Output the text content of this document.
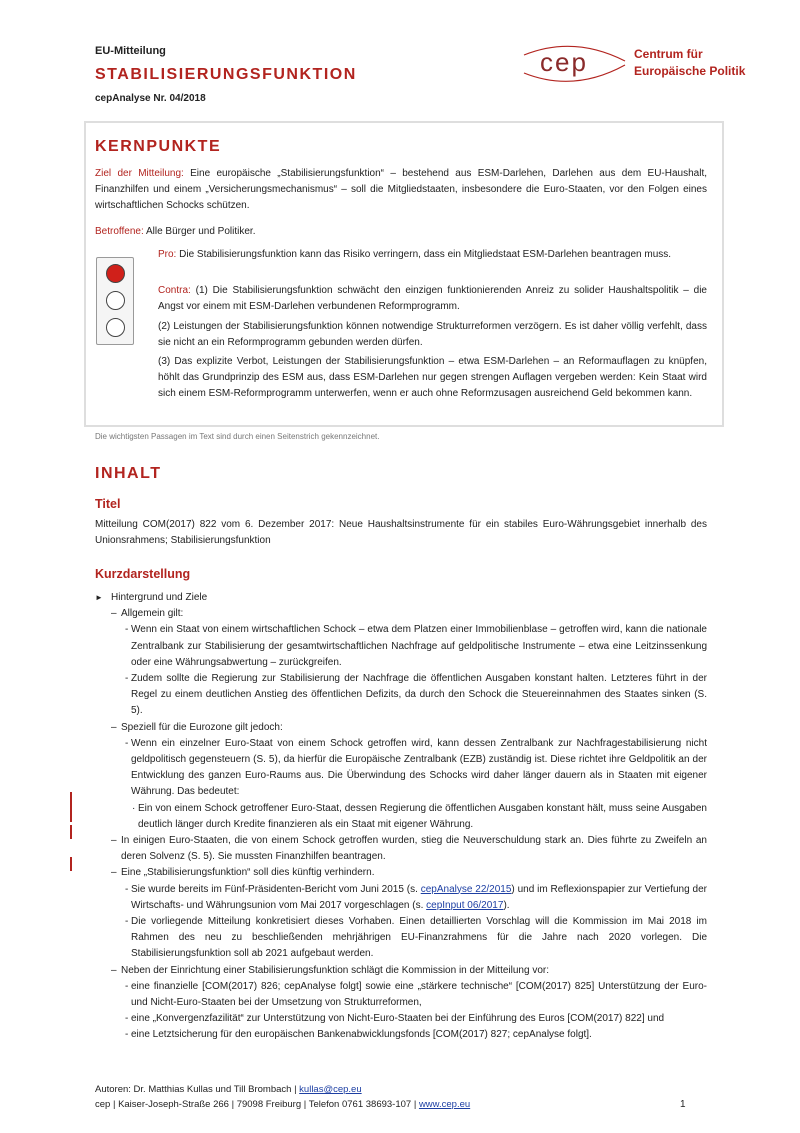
EU-Mitteilung
STABILISIERUNGSFUNKTION
cepAnalyse Nr. 04/2018
cep	Centrum für
Europäische Politik
KERNPUNKTE
Ziel der Mitteilung: Eine europäische „Stabilisierungsfunktion“ – bestehend aus ESM-Darlehen, Darlehen aus dem EU-Haushalt, Finanzhilfen und einem „Versicherungsmechanismus“ – soll die Mitgliedstaaten, insbesondere die Euro-Staaten, vor den Folgen eines wirtschaftlichen Schocks schützen.
Betroffene: Alle Bürger und Politiker.
Pro: Die Stabilisierungsfunktion kann das Risiko verringern, dass ein Mitgliedstaat ESM-Darlehen beantragen muss.
Contra: (1) Die Stabilisierungsfunktion schwächt den einzigen funktionierenden Anreiz zu solider Haushaltspolitik – die Angst vor einem mit ESM-Darlehen verbundenen Reformprogramm.
(2) Leistungen der Stabilisierungsfunktion können notwendige Strukturreformen verzögern. Es ist daher völlig verfehlt, dass sie nicht an ein Reformprogramm gebunden werden dürfen.
(3) Das explizite Verbot, Leistungen der Stabilisierungsfunktion – etwa ESM-Darlehen – an Reformauflagen zu knüpfen, höhlt das Grundprinzip des ESM aus, dass ESM-Darlehen nur gegen strengen Auflagen vergeben werden: Kein Staat wird sich einem ESM-Reformprogramm unterwerfen, wenn er auch ohne Reformzusagen ausreichend Geld bekommen kann.
Die wichtigsten Passagen im Text sind durch einen Seitenstrich gekennzeichnet.
INHALT
Titel
Mitteilung COM(2017) 822 vom 6. Dezember 2017: Neue Haushaltsinstrumente für ein stabiles Euro-Währungsgebiet innerhalb des Unionsrahmens; Stabilisierungsfunktion
Kurzdarstellung
► Hintergrund und Ziele
– Allgemein gilt:
- Wenn ein Staat von einem wirtschaftlichen Schock – etwa dem Platzen einer Immobilienblase – getroffen wird, kann die nationale Zentralbank zur Stabilisierung der gesamtwirtschaftlichen Nachfrage auf geldpolitische Instrumente – etwa eine Leitzinssenkung oder eine Währungsabwertung – zurückgreifen.
- Zudem sollte die Regierung zur Stabilisierung der Nachfrage die öffentlichen Ausgaben konstant halten. Letzteres führt in der Regel zu einem deutlichen Anstieg des öffentlichen Defizits, da durch den Schock die Steuereinnahmen des Staates sinken (S. 5).
– Speziell für die Eurozone gilt jedoch:
- Wenn ein einzelner Euro-Staat von einem Schock getroffen wird, kann dessen Zentralbank zur Nachfragestabilisierung nicht geldpolitisch gegensteuern (S. 5), da hierfür die Europäische Zentralbank (EZB) zuständig ist. Diese richtet ihre Geldpolitik an der Entwicklung des ganzen Euro-Raums aus. Die Überwindung des Schocks wird daher länger dauern als in Staaten mit eigener Währung. Das bedeutet:
· Ein von einem Schock getroffener Euro-Staat, dessen Regierung die öffentlichen Ausgaben konstant hält, muss seine Ausgaben deutlich länger durch Kredite finanzieren als ein Staat mit eigener Währung.
– In einigen Euro-Staaten, die von einem Schock getroffen wurden, stieg die Neuverschuldung stark an. Dies führte zu Zweifeln an deren Solvenz (S. 5). Sie mussten Finanzhilfen beantragen.
– Eine „Stabilisierungsfunktion“ soll dies künftig verhindern.
- Sie wurde bereits im Fünf-Präsidenten-Bericht vom Juni 2015 (s. cepAnalyse 22/2015) und im Reflexionspapier zur Vertiefung der Wirtschafts- und Währungsunion vom Mai 2017 vorgeschlagen (s. cepInput 06/2017).
- Die vorliegende Mitteilung konkretisiert dieses Vorhaben. Einen detaillierten Vorschlag will die Kommission im Mai 2018 im Rahmen des neu zu beschließenden mehrjährigen EU-Finanzrahmens für die Jahre nach 2020 vorlegen. Die Stabilisierungsfunktion soll ab 2021 aufgebaut werden.
– Neben der Einrichtung einer Stabilisierungsfunktion schlägt die Kommission in der Mitteilung vor:
- eine finanzielle [COM(2017) 826; cepAnalyse folgt] sowie eine „stärkere technische“ [COM(2017) 825] Unterstützung der Euro- und Nicht-Euro-Staaten bei der Umsetzung von Strukturreformen,
- eine „Konvergenzfazilität“ zur Unterstützung von Nicht-Euro-Staaten bei der Einführung des Euros [COM(2017) 822] und
- eine Letztsicherung für den europäischen Bankenabwicklungsfonds [COM(2017) 827; cepAnalyse folgt].
Autoren: Dr. Matthias Kullas und Till Brombach | kullas@cep.eu
cep | Kaiser-Joseph-Straße 266 | 79098 Freiburg | Telefon 0761 38693-107 | www.cep.eu	1
